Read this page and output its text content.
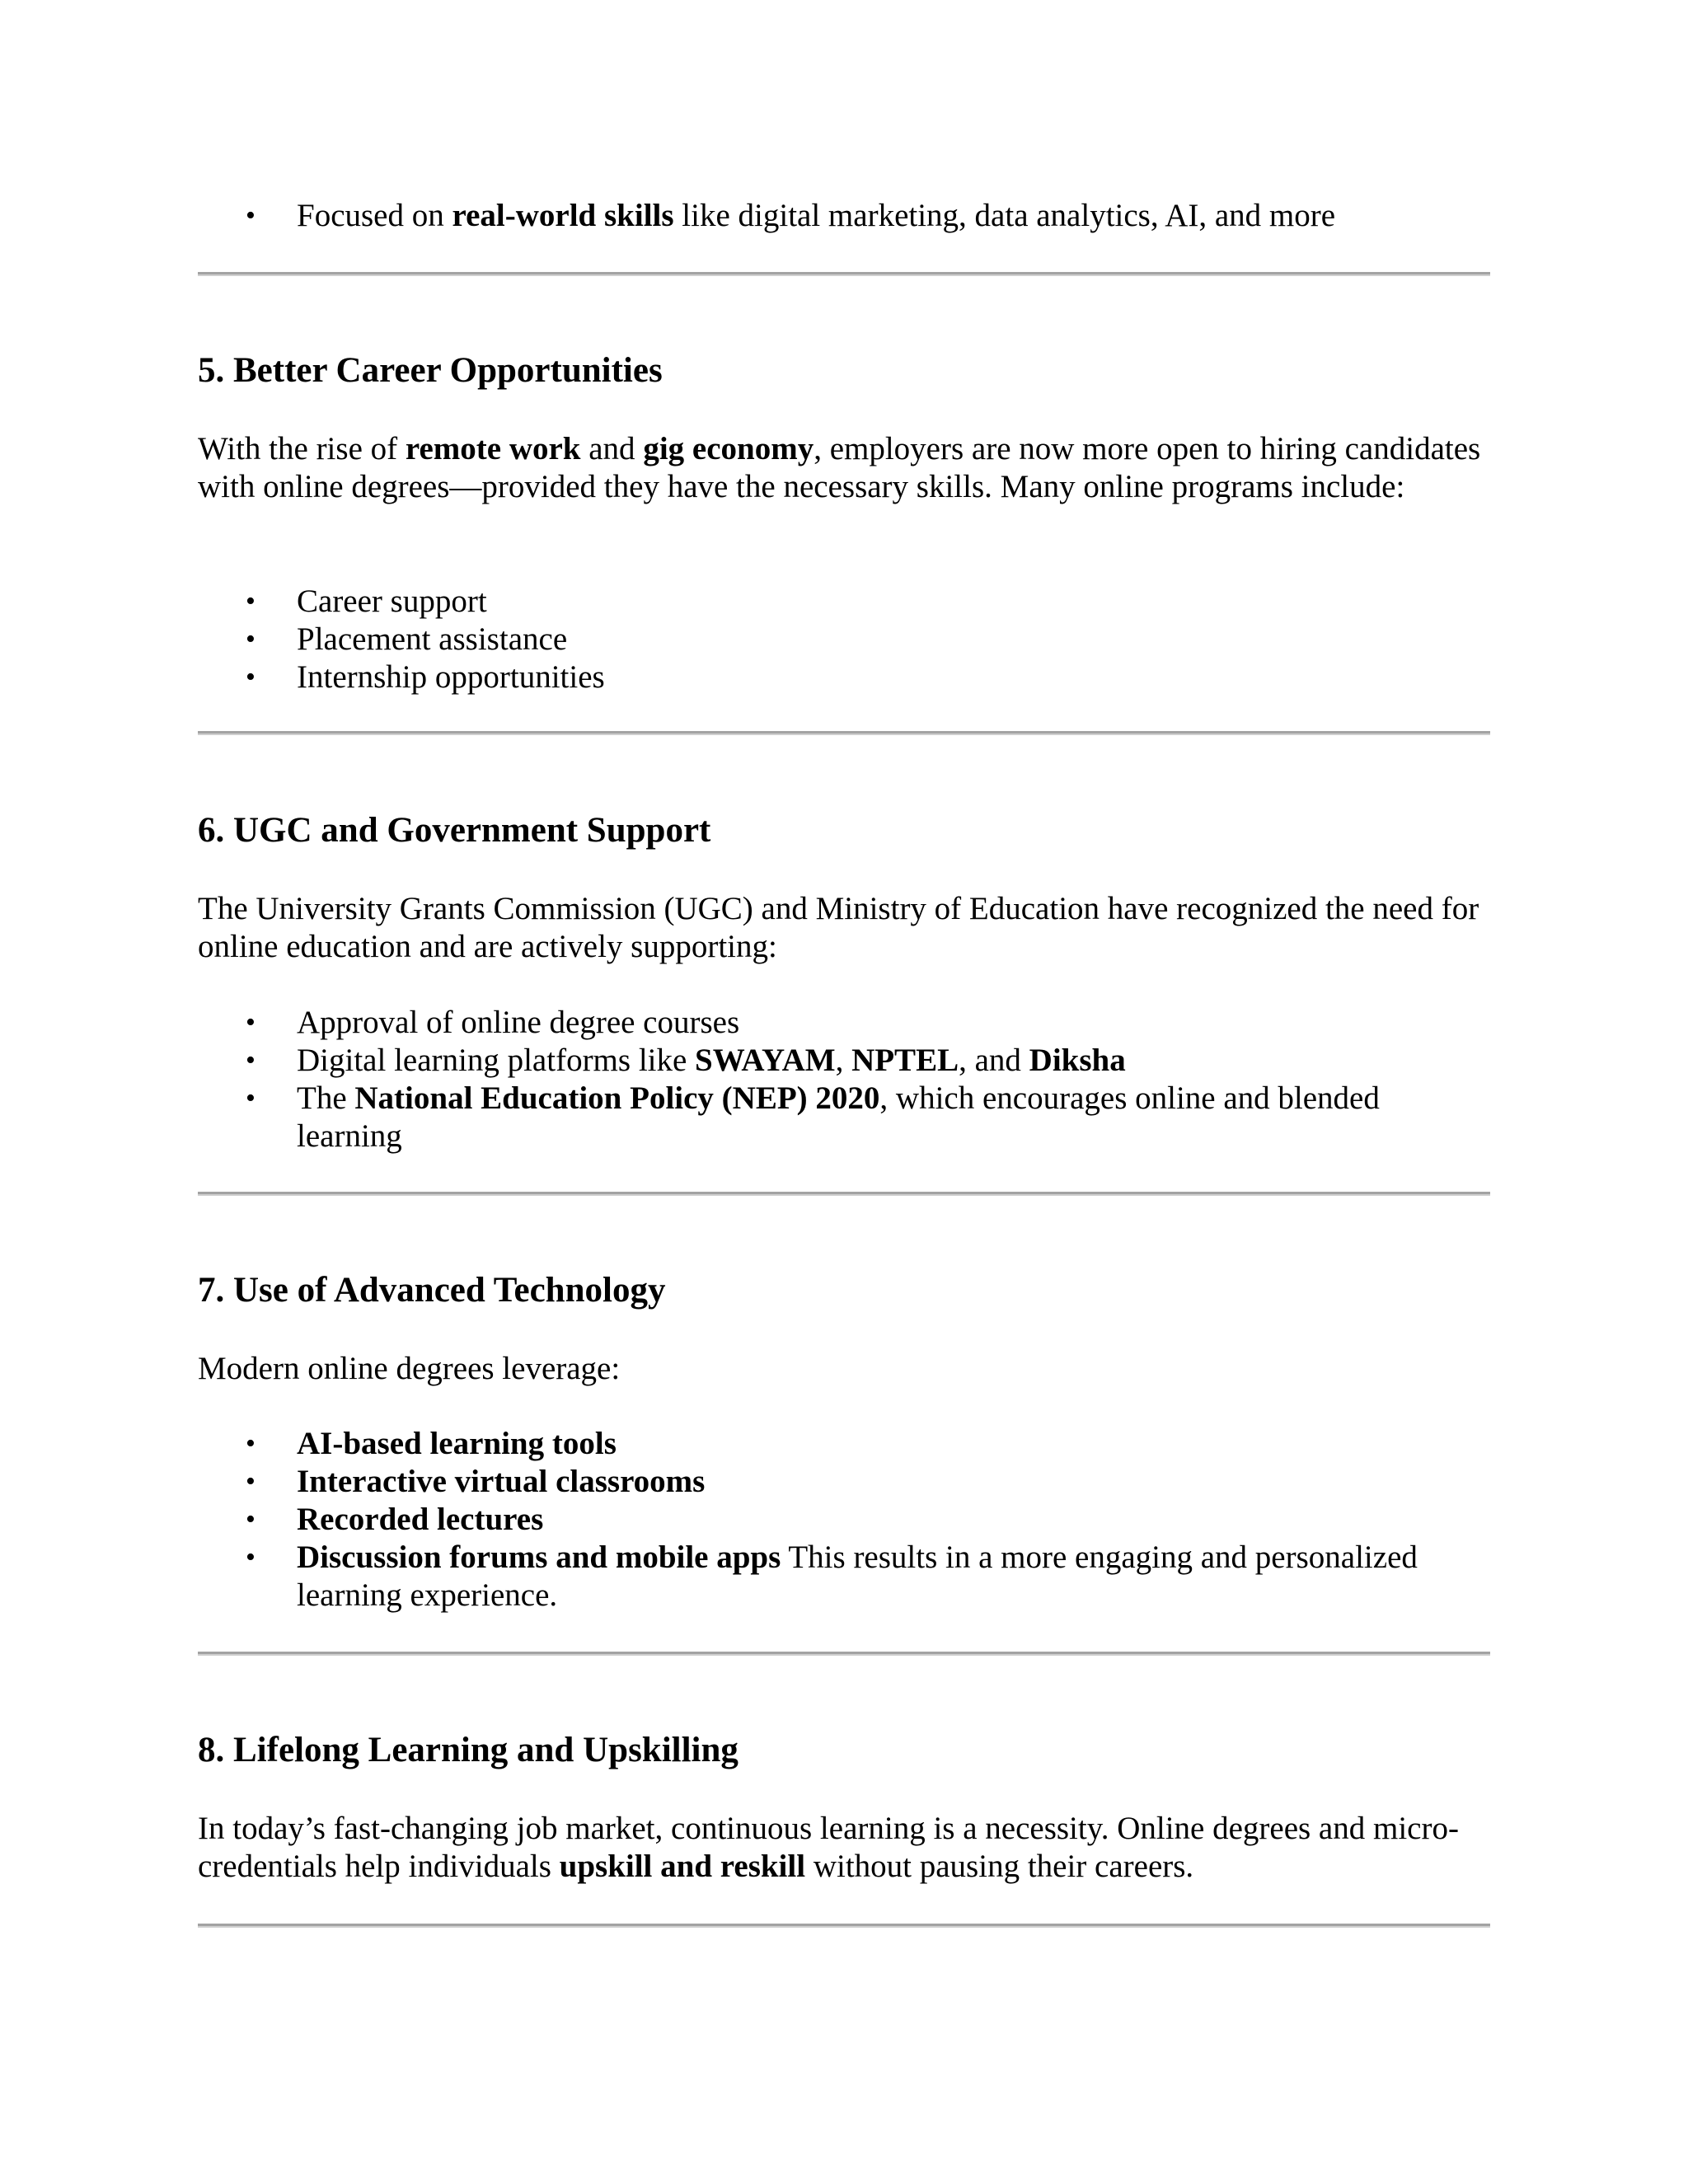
• Focused on real-world skills like digital marketing, data analytics, AI, and more
5. Better Career Opportunities

With the rise of remote work and gig economy, employers are now more open to hiring candidates with online degrees—provided they have the necessary skills. Many online programs include:

• Career support
• Placement assistance
• Internship opportunities
6. UGC and Government Support

The University Grants Commission (UGC) and Ministry of Education have recognized the need for online education and are actively supporting:

• Approval of online degree courses
• Digital learning platforms like SWAYAM, NPTEL, and Diksha
• The National Education Policy (NEP) 2020, which encourages online and blended learning
7. Use of Advanced Technology

Modern online degrees leverage:

• AI-based learning tools
• Interactive virtual classrooms
• Recorded lectures
• Discussion forums and mobile apps This results in a more engaging and personalized learning experience.
8. Lifelong Learning and Upskilling

In today’s fast-changing job market, continuous learning is a necessity. Online degrees and micro-credentials help individuals upskill and reskill without pausing their careers.
